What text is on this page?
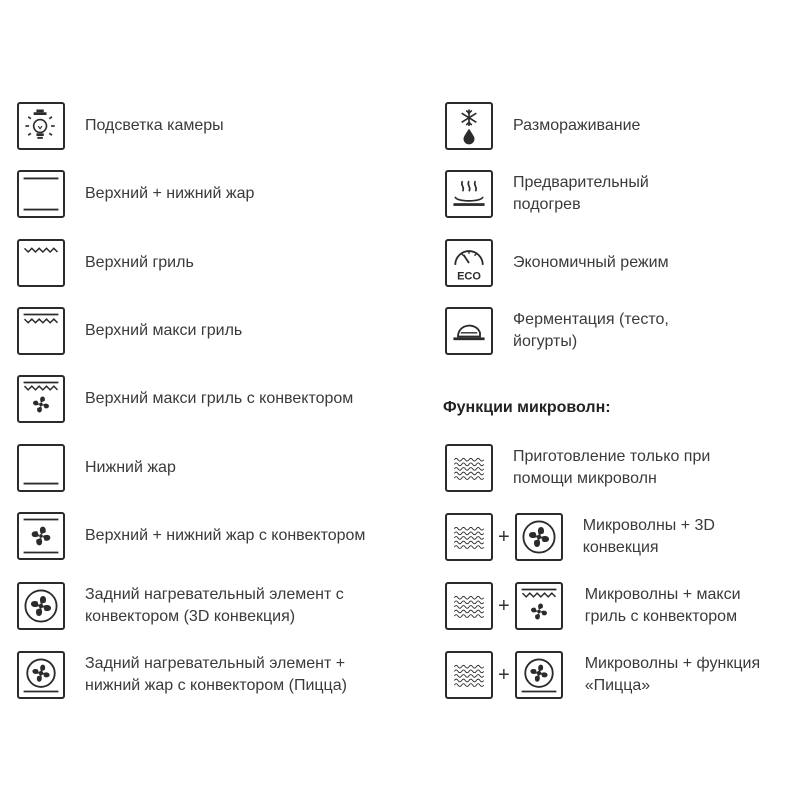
Подсветка камеры
Верхний + нижний жар
Верхний гриль
Верхний макси гриль
Верхний макси гриль с конвектором
Нижний жар
Верхний + нижний жар с конвектором
Задний нагревательный элемент с
конвектором (3D конвекция)
Задний нагревательный элемент +
нижний жар с конвектором (Пицца)
Размораживание
Предварительный
подогрев
ECO
Экономичный режим
Ферментация (тесто,
йогурты)
Функции микроволн:
Приготовление только при
помощи микроволн
+
Микроволны + 3D
конвекция
+
Микроволны + макси
гриль с конвектором
+
Микроволны + функция
«Пицца»
